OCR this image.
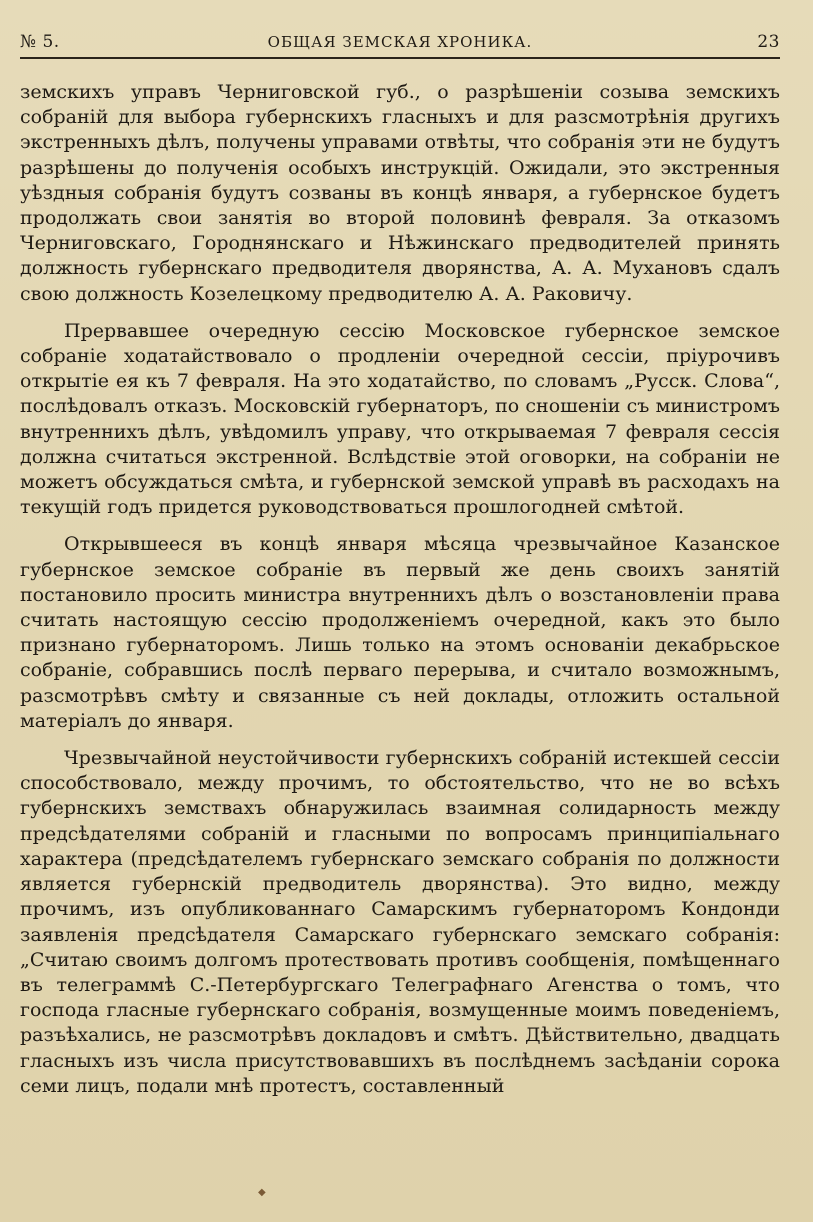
№ 5.	ОБЩАЯ ЗЕМСКАЯ ХРОНИКА.	23

земскихъ управъ Черниговской губ., о разрѣшеніи созыва земскихъ собраній для выбора губернскихъ гласныхъ и для разсмотрѣнія другихъ экстренныхъ дѣлъ, получены управами отвѣты, что собранія эти не будутъ разрѣшены до полученія особыхъ инструкцій. Ожидали, это экстренныя уѣздныя собранія будутъ созваны въ концѣ января, а губернское будетъ продолжать свои занятія во второй половинѣ февраля. За отказомъ Черниговскаго, Городнянскаго и Нѣжинскаго предводителей принять должность губернскаго предводителя дворянства, А. А. Мухановъ сдалъ свою должность Козелецкому предводителю А. А. Раковичу.

Прервавшее очередную сессію Московское губернское земское собраніе ходатайствовало о продленіи очередной сессіи, пріурочивъ открытіе ея къ 7 февраля. На это ходатайство, по словамъ „Русск. Слова“, послѣдовалъ отказъ. Московскій губернаторъ, по сношеніи съ министромъ внутреннихъ дѣлъ, увѣдомилъ управу, что открываемая 7 февраля сессія должна считаться экстренной. Вслѣдствіе этой оговорки, на собраніи не можетъ обсуждаться смѣта, и губернской земской управѣ въ расходахъ на текущій годъ придется руководствоваться прошлогодней смѣтой.

Открывшееся въ концѣ января мѣсяца чрезвычайное Казанское губернское земское собраніе въ первый же день своихъ занятій постановило просить министра внутреннихъ дѣлъ о возстановленіи права считать настоящую сессію продолженіемъ очередной, какъ это было признано губернаторомъ. Лишь только на этомъ основаніи декабрьское собраніе, собравшись послѣ перваго перерыва, и считало возможнымъ, разсмотрѣвъ смѣту и связанные съ ней доклады, отложить остальной матеріалъ до января.

Чрезвычайной неустойчивости губернскихъ собраній истекшей сессіи способствовало, между прочимъ, то обстоятельство, что не во всѣхъ губернскихъ земствахъ обнаружилась взаимная солидарность между предсѣдателями собраній и гласными по вопросамъ принципіальнаго характера (предсѣдателемъ губернскаго земскаго собранія по должности является губернскій предводитель дворянства). Это видно, между прочимъ, изъ опубликованнаго Самарскимъ губернаторомъ Кондонди заявленія предсѣдателя Самарскаго губернскаго земскаго собранія: „Считаю своимъ долгомъ протествовать противъ сообщенія, помѣщеннаго въ телеграммѣ С.-Петербургскаго Телеграфнаго Агенства о томъ, что господа гласные губернскаго собранія, возмущенные моимъ поведеніемъ, разъѣхались, не разсмотрѣвъ докладовъ и смѣтъ. Дѣйствительно, двадцать гласныхъ изъ числа присутствовавшихъ въ послѣднемъ засѣданіи сорока семи лицъ, подали мнѣ протестъ, составленный

◆
